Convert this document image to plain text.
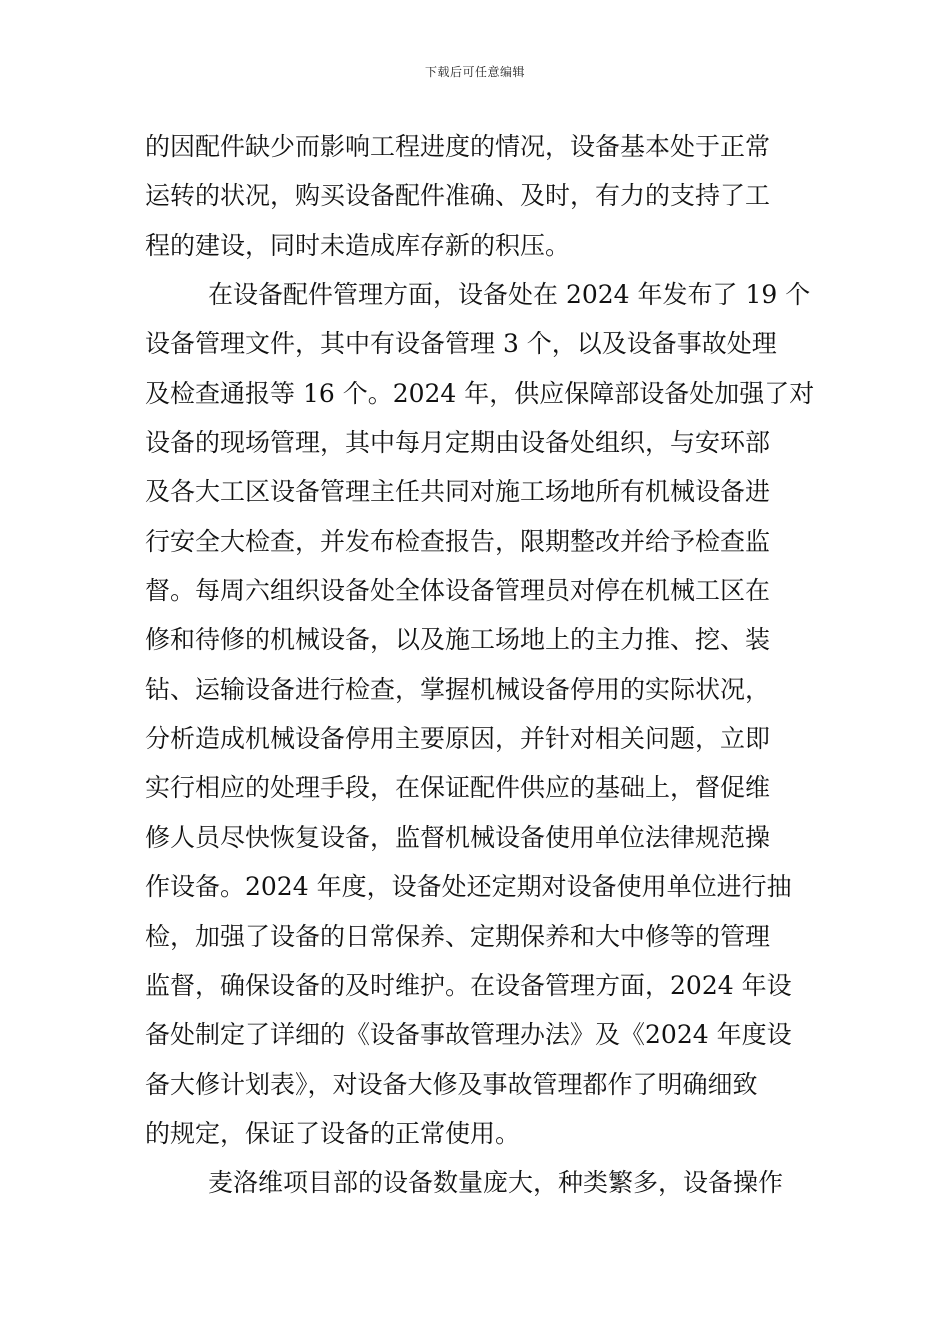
下载后可任意编辑
的因配件缺少而影响工程进度的情况，设备基本处于正常
运转的状况，购买设备配件准确、及时，有力的支持了工
程的建设，同时未造成库存新的积压。
在设备配件管理方面，设备处在 2024 年发布了 19 个
设备管理文件，其中有设备管理 3 个，以及设备事故处理
及检查通报等 16 个。2024 年，供应保障部设备处加强了对
设备的现场管理，其中每月定期由设备处组织，与安环部
及各大工区设备管理主任共同对施工场地所有机械设备进
行安全大检查，并发布检查报告，限期整改并给予检查监
督。每周六组织设备处全体设备管理员对停在机械工区在
修和待修的机械设备，以及施工场地上的主力推、挖、装
钻、运输设备进行检查，掌握机械设备停用的实际状况，
分析造成机械设备停用主要原因，并针对相关问题，立即
实行相应的处理手段，在保证配件供应的基础上，督促维
修人员尽快恢复设备，监督机械设备使用单位法律规范操
作设备。2024 年度，设备处还定期对设备使用单位进行抽
检，加强了设备的日常保养、定期保养和大中修等的管理
监督，确保设备的及时维护。在设备管理方面，2024 年设
备处制定了详细的《设备事故管理办法》及《2024 年度设
备大修计划表》，对设备大修及事故管理都作了明确细致
的规定，保证了设备的正常使用。
麦洛维项目部的设备数量庞大，种类繁多，设备操作
